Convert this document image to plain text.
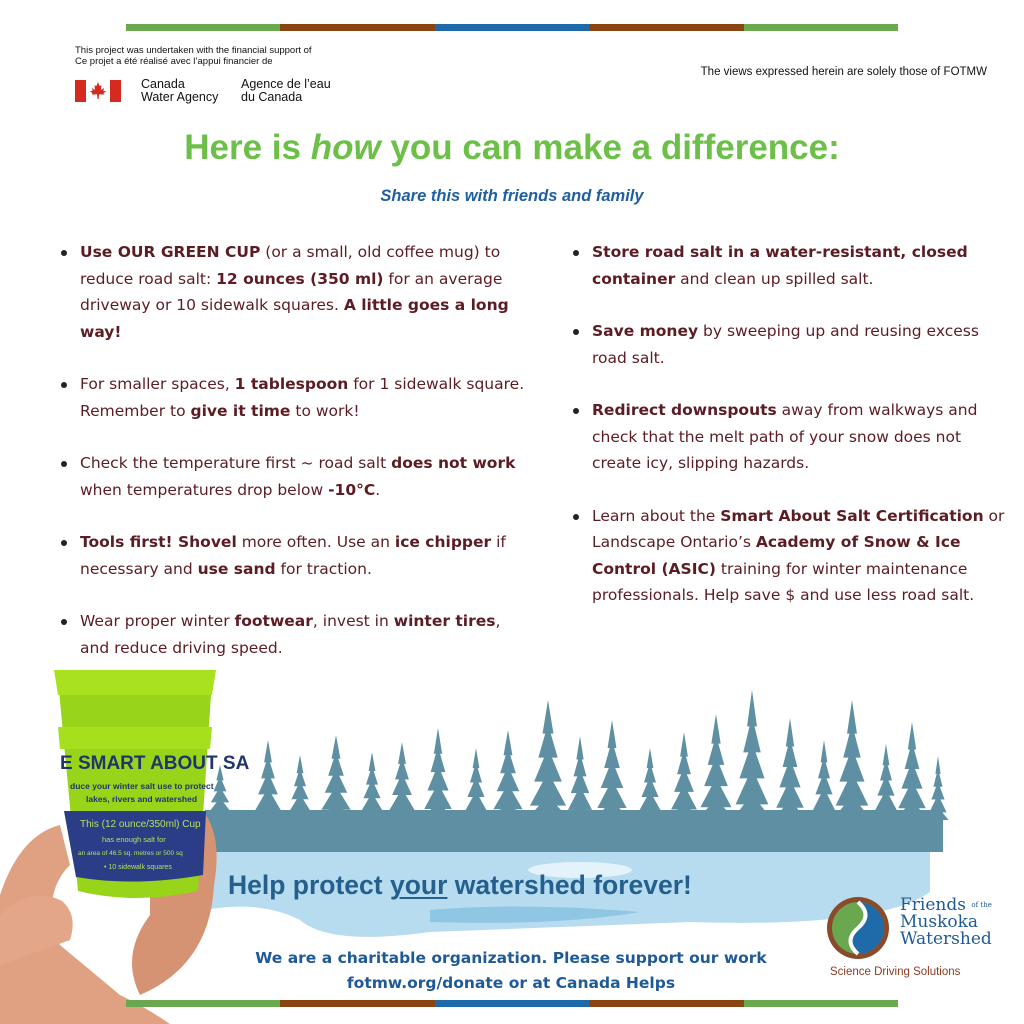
This project was undertaken with the financial support of
Ce projet a été réalisé avec l’appui financier de
Canada
Water Agency
Agence de l’eau
du Canada
The views expressed herein are solely those of FOTMW
Here is how you can make a difference:
Share this with friends and family
Use OUR GREEN CUP (or a small, old coffee mug) to reduce road salt: 12 ounces (350 ml) for an average driveway or 10 sidewalk squares. A little goes a long way!
For smaller spaces, 1 tablespoon for 1 sidewalk square. Remember to give it time to work!
Check the temperature first ~ road salt does not work when temperatures drop below -10°C.
Tools first! Shovel more often. Use an ice chipper if necessary and use sand for traction.
Wear proper winter footwear, invest in winter tires, and reduce driving speed.
Store road salt in a water-resistant, closed container and clean up spilled salt.
Save money by sweeping up and reusing excess road salt.
Redirect downspouts away from walkways and check that the melt path of your snow does not create icy, slipping hazards.
Learn about the Smart About Salt Certification or Landscape Ontario’s Academy of Snow & Ice Control (ASIC) training for winter maintenance professionals. Help save $ and use less road salt.
E SMART ABOUT SA
duce your winter salt use to protect
lakes, rivers and watershed
This (12 ounce/350ml) Cup
has enough salt for
an area of 46.5 sq. metres or 500 sq
• 10 sidewalk squares
Help protect your watershed forever!
We are a charitable organization. Please support our work
fotmw.org/donate or at Canada Helps
Friends $^{of the}$
Muskoka
Watershed
Science Driving Solutions
